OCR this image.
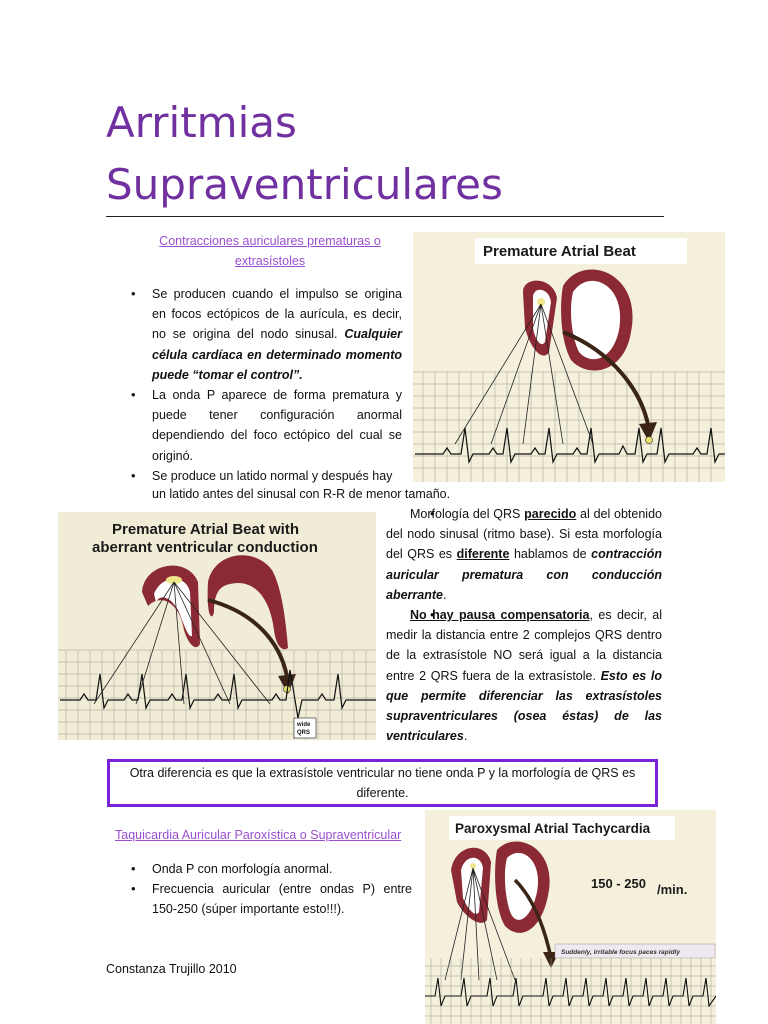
Arritmias
Supraventriculares
Contracciones auriculares prematuras o
extrasístoles
• Se producen cuando el impulso se origina en focos ectópicos de la aurícula, es decir, no se origina del nodo sinusal. Cualquier célula cardíaca en determinado momento puede “tomar el control”.
• La onda P aparece de forma prematura y puede tener configuración anormal dependiendo del foco ectópico del cual se originó.
• Se produce un latido normal y después hay
un latido antes del sinusal con R-R de menor tamaño.
Premature Atrial Beat
Premature Atrial Beat with
aberrant ventricular conduction
wide
QRS
• Morfología del QRS parecido al del obtenido del nodo sinusal (ritmo base). Si esta morfología del QRS es diferente hablamos de contracción auricular prematura con conducción aberrante.
• No hay pausa compensatoria, es decir, al medir la distancia entre 2 complejos QRS dentro de la extrasístole NO será igual a la distancia entre 2 QRS fuera de la extrasístole. Esto es lo que permite diferenciar las extrasístoles supraventriculares (osea éstas) de las ventriculares.
Otra diferencia es que la extrasístole ventricular no tiene onda P y la morfología de QRS es diferente.
Taquicardia Auricular Paroxística o Supraventricular
• Onda P con morfología anormal.
• Frecuencia auricular (entre ondas P) entre 150-250 (súper importante esto!!!).
Paroxysmal Atrial Tachycardia
150 - 250 /min.
Suddenly, irritable focus paces rapidly
Constanza Trujillo 2010
